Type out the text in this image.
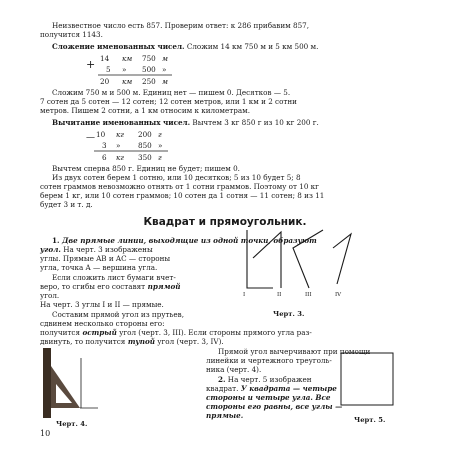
Неизвестное число есть 857. Проверим ответ: к 286 прибавим 857,
получится 1143.
Сложение именованных чисел. Сложим 14 км 750 м и 5 км 500 м.
+ 14 км 750 м
5 » 500 »
20 км 250 м
Сложим 750 м и 500 м. Единиц нет — пишем 0. Десятков — 5.
7 сотен да 5 сотен — 12 сотен; 12 сотен метров, или 1 км и 2 сотни
метров. Пишем 2 сотни, а 1 км относим к километрам.
Вычитание именованных чисел. Вычтем 3 кг 850 г из 10 кг 200 г.
— 10 кг 200 г
3 » 850 »
6 кг 350 г
Вычтем сперва 850 г. Единиц не будет; пишем 0.
Из двух сотен берем 1 сотню, или 10 десятков; 5 из 10 будет 5; 8
сотен граммов невозможно отнять от 1 сотни граммов. Поэтому от 10 кг
берем 1 кг, или 10 сотен граммов; 10 сотен да 1 сотня — 11 сотен; 8 из 11
будет 3 и т. д.
Квадрат и прямоугольник.
1. Две прямые линии, выходящие из одной точки, образуют
угол. На черт. 3 изображены
углы. Прямые AB и AC — стороны
угла, точка A — вершина угла.
Если сложить лист бумаги вчет-
веро, то сгибы его составят прямой
угол.
На черт. 3 углы I и II — прямые.
Составим прямой угол из прутьев,
сдвинем несколько стороны его:
получится острый угол (черт. 3, III). Если стороны прямого угла раз-
двинуть, то получится тупой угол (черт. 3, IV).
I	II	III	IV
Черт. 3.
Черт. 4.
Прямой угол вычерчивают при помощи
линейки и чертежного треуголь-
ника (черт. 4).
2. На черт. 5 изображен
квадрат. У квадрата — четыре
стороны и четыре угла. Все
стороны его равны, все углы —
прямые.	Черт. 5.
10
